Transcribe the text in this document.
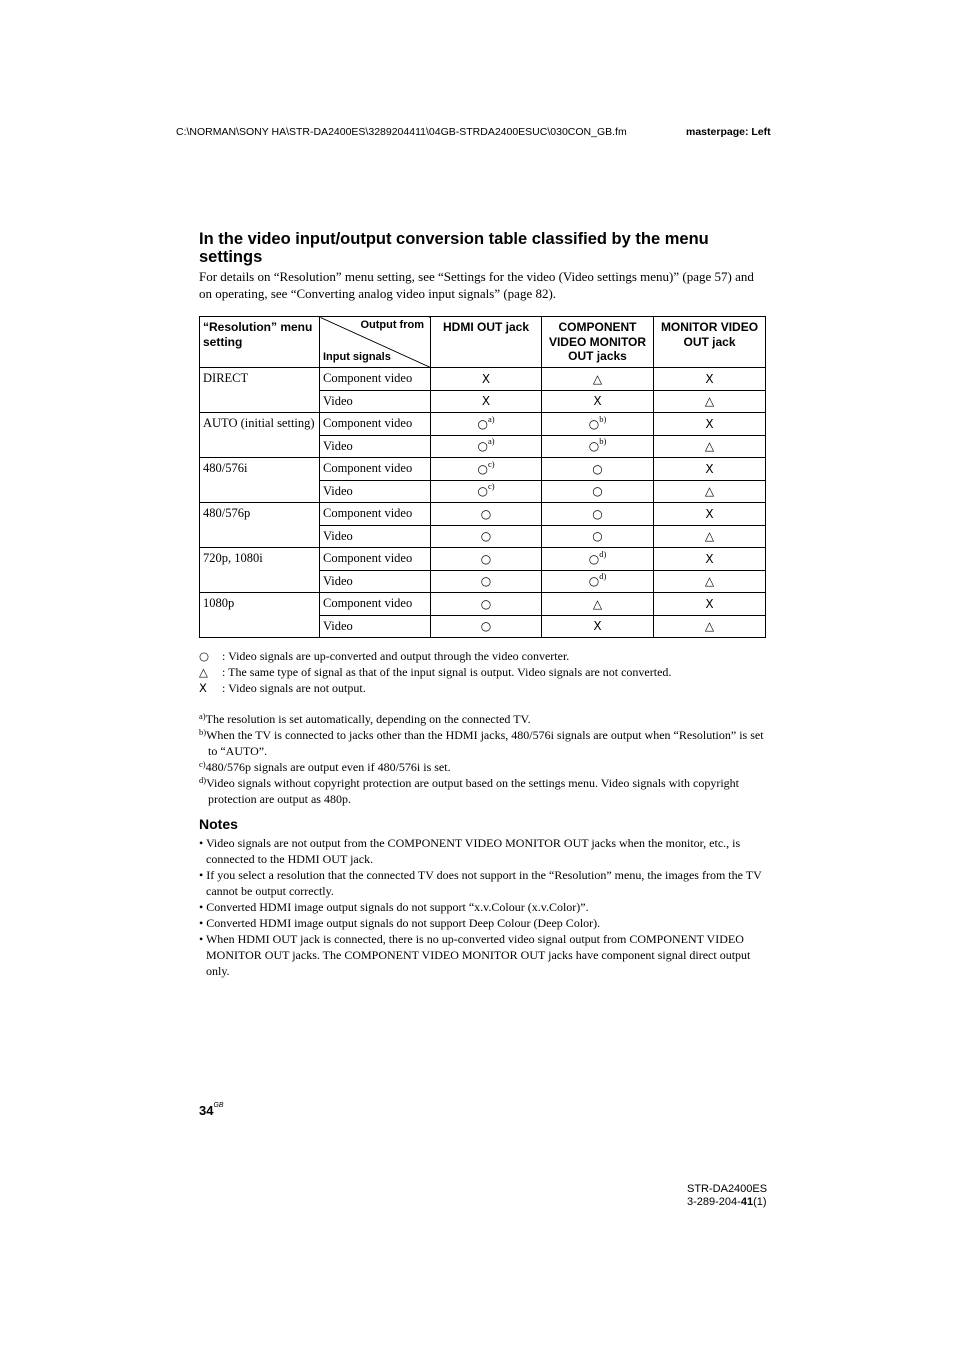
C:\NORMAN\SONY HA\STR-DA2400ES\3289204411\04GB-STRDA2400ESUC\030CON_GB.fm	masterpage: Left
In the video input/output conversion table classified by the menu settings
For details on “Resolution” menu setting, see “Settings for the video (Video settings menu)” (page 57) and on operating, see “Converting analog video input signals” (page 82).
“Resolution” menu setting	Output from
Input signals	HDMI OUT jack	COMPONENT VIDEO MONITOR OUT jacks	MONITOR VIDEO OUT jack
DIRECT	Component video	X	△	X
	Video	X	X	△
AUTO (initial setting)	Component video	○$^{a)}$	○$^{b)}$	X
	Video	○$^{a)}$	○$^{b)}$	△
480/576i	Component video	○$^{c)}$	○	X
	Video	○$^{c)}$	○	△
480/576p	Component video	○	○	X
	Video	○	○	△
720p, 1080i	Component video	○	○$^{d)}$	X
	Video	○	○$^{d)}$	△
1080p	Component video	○	△	X
	Video	○	X	△
○	: Video signals are up-converted and output through the video converter.
△	: The same type of signal as that of the input signal is output. Video signals are not converted.
X	: Video signals are not output.
$^{a)}$The resolution is set automatically, depending on the connected TV.
$^{b)}$When the TV is connected to jacks other than the HDMI jacks, 480/576i signals are output when “Resolution” is set to “AUTO”.
$^{c)}$480/576p signals are output even if 480/576i is set.
$^{d)}$Video signals without copyright protection are output based on the settings menu. Video signals with copyright protection are output as 480p.
Notes
• Video signals are not output from the COMPONENT VIDEO MONITOR OUT jacks when the monitor, etc., is connected to the HDMI OUT jack.
• If you select a resolution that the connected TV does not support in the “Resolution” menu, the images from the TV cannot be output correctly.
• Converted HDMI image output signals do not support “x.v.Colour (x.v.Color)”.
• Converted HDMI image output signals do not support Deep Colour (Deep Color).
• When HDMI OUT jack is connected, there is no up-converted video signal output from COMPONENT VIDEO MONITOR OUT jacks. The COMPONENT VIDEO MONITOR OUT jacks have component signal direct output only.
$34^{GB}$
STR-DA2400ES
3-289-204-41(1)
